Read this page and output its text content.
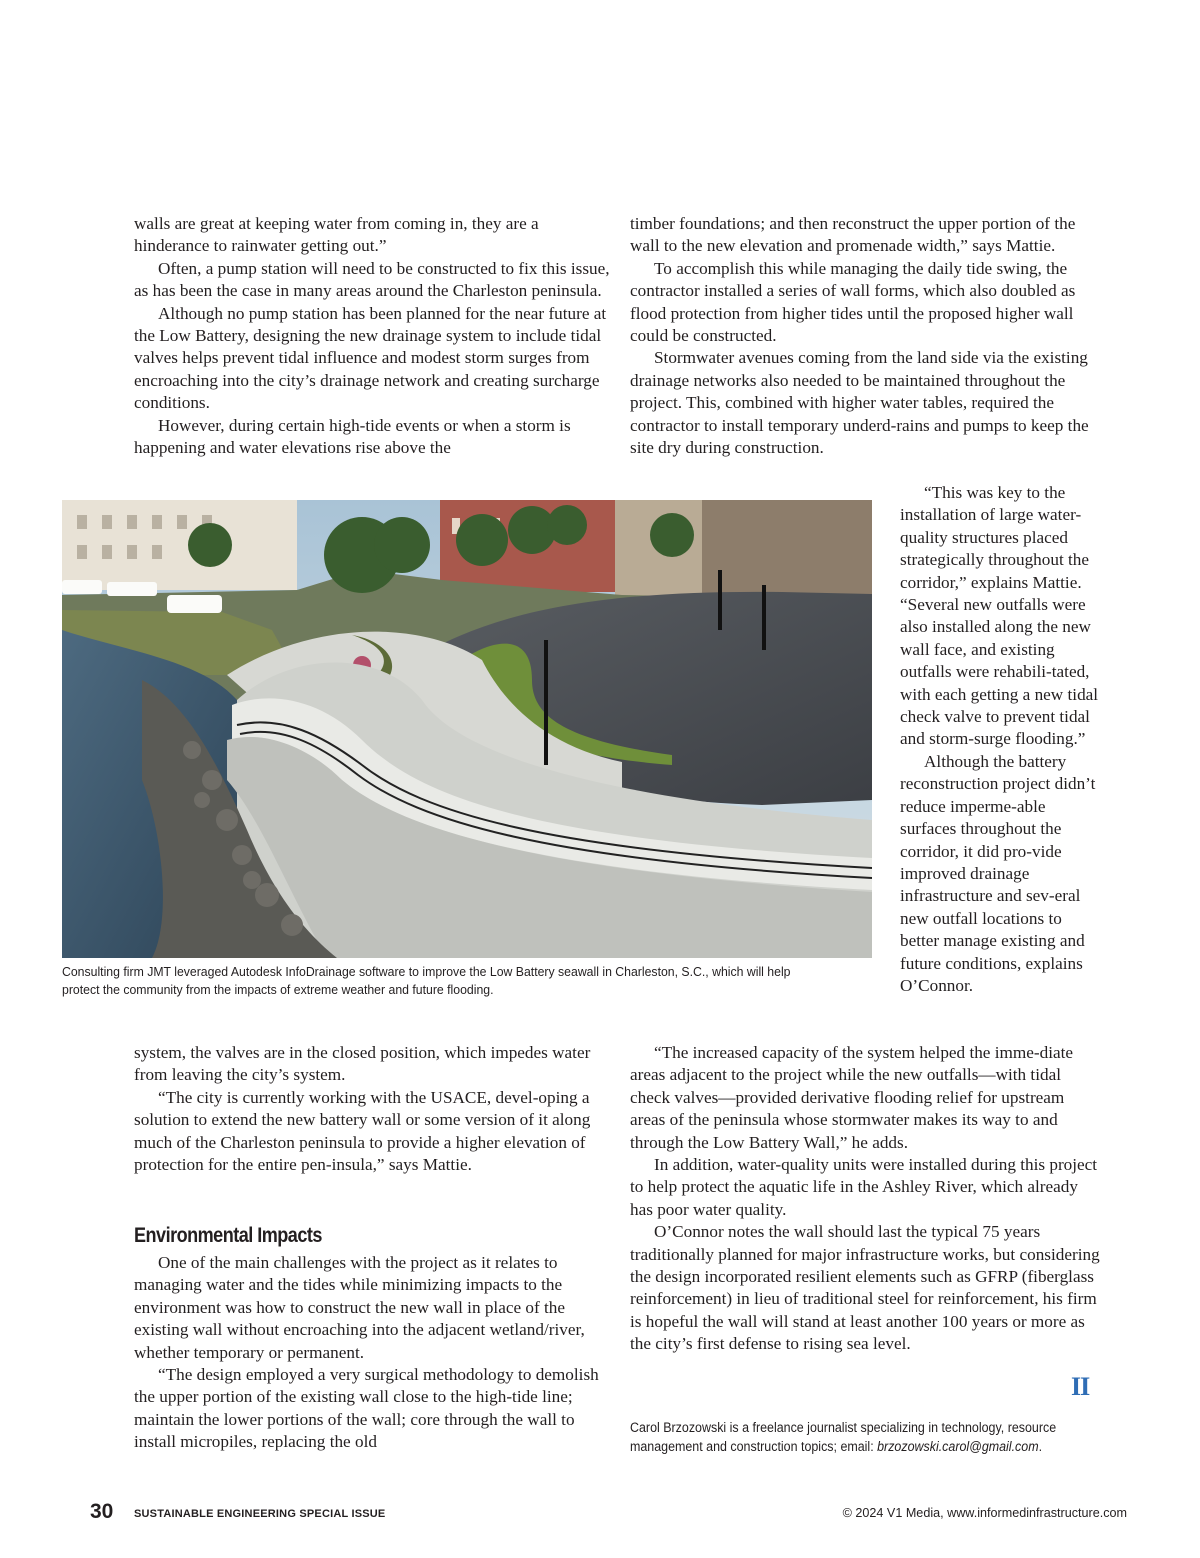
walls are great at keeping water from coming in, they are a hinderance to rainwater getting out.”

Often, a pump station will need to be constructed to fix this issue, as has been the case in many areas around the Charleston peninsula.

Although no pump station has been planned for the near future at the Low Battery, designing the new drainage system to include tidal valves helps prevent tidal influence and modest storm surges from encroaching into the city’s drainage network and creating surcharge conditions.

However, during certain high-tide events or when a storm is happening and water elevations rise above the

timber foundations; and then reconstruct the upper portion of the wall to the new elevation and promenade width,” says Mattie.

To accomplish this while managing the daily tide swing, the contractor installed a series of wall forms, which also doubled as flood protection from higher tides until the proposed higher wall could be constructed.

Stormwater avenues coming from the land side via the existing drainage networks also needed to be maintained throughout the project. This, combined with higher water tables, required the contractor to install temporary underd-rains and pumps to keep the site dry during construction.

Consulting firm JMT leveraged Autodesk InfoDrainage software to improve the Low Battery seawall in Charleston, S.C., which will help protect the community from the impacts of extreme weather and future flooding.

“This was key to the installation of large water-quality structures placed strategically throughout the corridor,” explains Mattie. “Several new outfalls were also installed along the new wall face, and existing outfalls were rehabili-tated, with each getting a new tidal check valve to prevent tidal and storm-surge flooding.”

Although the battery reconstruction project didn’t reduce imperme-able surfaces throughout the corridor, it did pro-vide improved drainage infrastructure and sev-eral new outfall locations to better manage existing and future conditions, explains O’Connor.

system, the valves are in the closed position, which impedes water from leaving the city’s system.

“The city is currently working with the USACE, devel-oping a solution to extend the new battery wall or some version of it along much of the Charleston peninsula to provide a higher elevation of protection for the entire pen-insula,” says Mattie.

Environmental Impacts

One of the main challenges with the project as it relates to managing water and the tides while minimizing impacts to the environment was how to construct the new wall in place of the existing wall without encroaching into the adjacent wetland/river, whether temporary or permanent.

“The design employed a very surgical methodology to demolish the upper portion of the existing wall close to the high-tide line; maintain the lower portions of the wall; core through the wall to install micropiles, replacing the old

“The increased capacity of the system helped the imme-diate areas adjacent to the project while the new outfalls—with tidal check valves—provided derivative flooding relief for upstream areas of the peninsula whose stormwater makes its way to and through the Low Battery Wall,” he adds.

In addition, water-quality units were installed during this project to help protect the aquatic life in the Ashley River, which already has poor water quality.

O’Connor notes the wall should last the typical 75 years traditionally planned for major infrastructure works, but considering the design incorporated resilient elements such as GFRP (fiberglass reinforcement) in lieu of traditional steel for reinforcement, his firm is hopeful the wall will stand at least another 100 years or more as the city’s first defense to rising sea level.

II
Carol Brzozowski is a freelance journalist specializing in technology, resource management and construction topics; email: brzozowski.carol@gmail.com.
30 SUSTAINABLE ENGINEERING SPECIAL ISSUE	© 2024 V1 Media, www.informedinfrastructure.com
